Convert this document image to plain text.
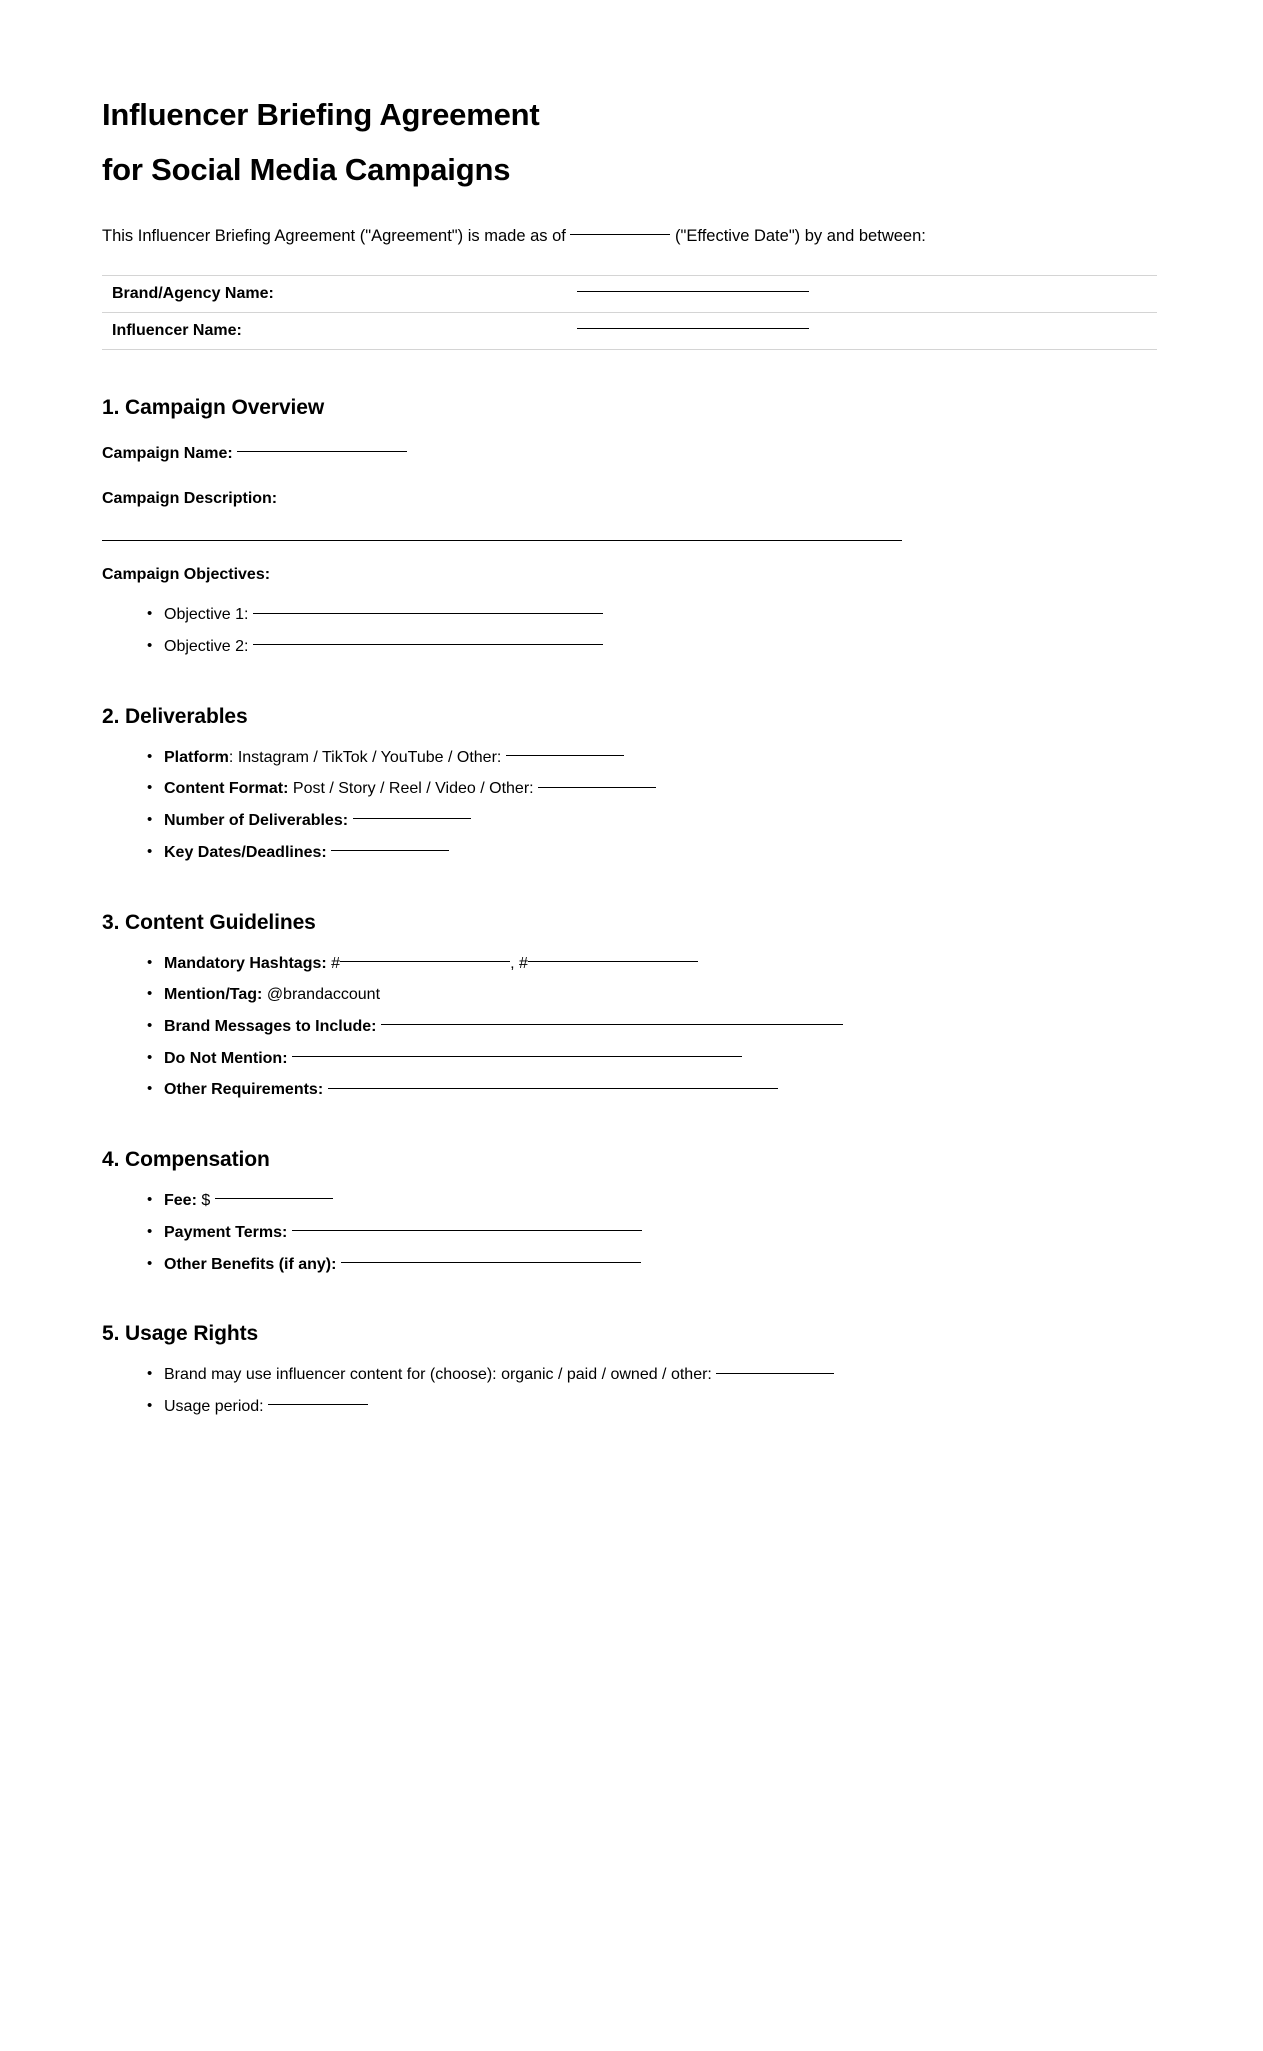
Influencer Briefing Agreement
for Social Media Campaigns

This Influencer Briefing Agreement ("Agreement") is made as of	("Effective Date") by and between:

Brand/Agency Name:	
Influencer Name:	
1. Campaign Overview

Campaign Name:

Campaign Description:

Campaign Objectives:

• Objective 1:
• Objective 2:
2. Deliverables
• Platform: Instagram / TikTok / YouTube / Other:
• Content Format: Post / Story / Reel / Video / Other:
• Number of Deliverables:
• Key Dates/Deadlines:
3. Content Guidelines
• Mandatory Hashtags: #	, #
• Mention/Tag: @brandaccount
• Brand Messages to Include:
• Do Not Mention:
• Other Requirements:
4. Compensation
• Fee: $
• Payment Terms:
• Other Benefits (if any):
5. Usage Rights
• Brand may use influencer content for (choose): organic / paid / owned / other:
• Usage period:
